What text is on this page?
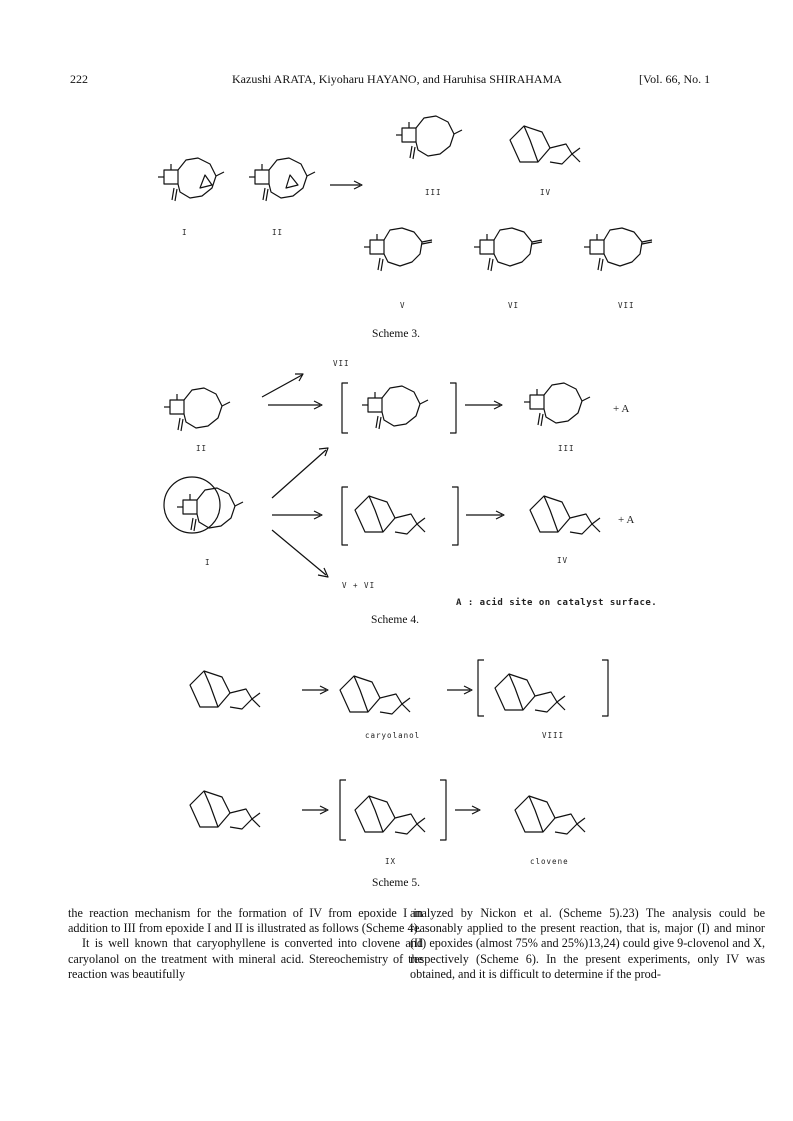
222	Kazushi ARATA, Kiyoharu HAYANO, and Haruhisa SHIRAHAMA	[Vol. 66, No. 1
I	II
III	IV
V	VI	VII
Scheme 3.
VII
II	III
+ A
I	IV
+ A
V + VI
A : acid site on catalyst surface.
Scheme 4.
caryolanol	VIII
IX	clovene
Scheme 5.

the reaction mechanism for the formation of IV from epoxide I in addition to III from epoxide I and II is illustrated as follows (Scheme 4).

It is well known that caryophyllene is converted into clovene and caryolanol on the treatment with mineral acid. Stereochemistry of the reaction was beautifully

analyzed by Nickon et al. (Scheme 5).23) The analysis could be reasonably applied to the present reaction, that is, major (I) and minor (II) epoxides (almost 75% and 25%)13,24) could give 9-clovenol and X, respectively (Scheme 6). In the present experiments, only IV was obtained, and it is difficult to determine if the prod-
